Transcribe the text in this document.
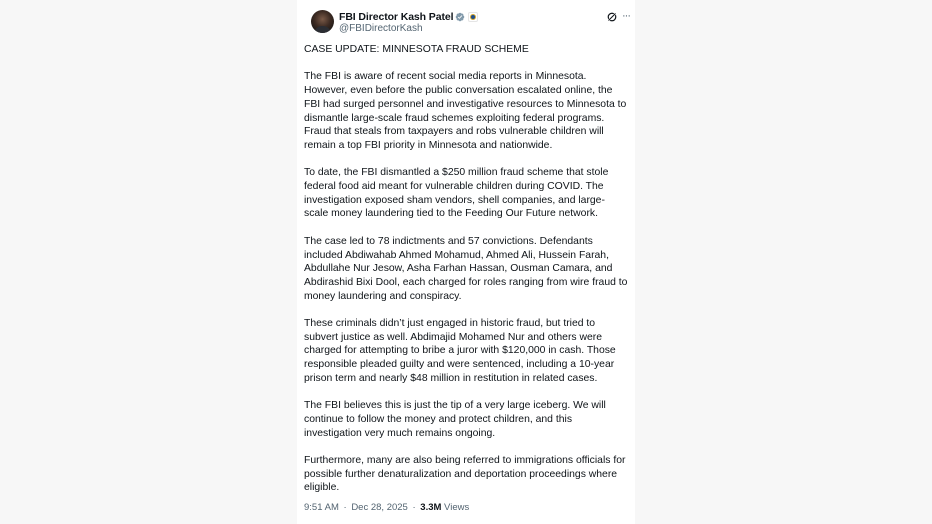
FBI Director Kash Patel
@FBIDirectorKash
···

CASE UPDATE: MINNESOTA FRAUD SCHEME

The FBI is aware of recent social media reports in Minnesota. However, even before the public conversation escalated online, the FBI had surged personnel and investigative resources to Minnesota to dismantle large-scale fraud schemes exploiting federal programs. Fraud that steals from taxpayers and robs vulnerable children will remain a top FBI priority in Minnesota and nationwide.

To date, the FBI dismantled a $250 million fraud scheme that stole federal food aid meant for vulnerable children during COVID. The investigation exposed sham vendors, shell companies, and large-scale money laundering tied to the Feeding Our Future network.

The case led to 78 indictments and 57 convictions. Defendants included Abdiwahab Ahmed Mohamud, Ahmed Ali, Hussein Farah, Abdullahe Nur Jesow, Asha Farhan Hassan, Ousman Camara, and Abdirashid Bixi Dool, each charged for roles ranging from wire fraud to money laundering and conspiracy.

These criminals didn’t just engaged in historic fraud, but tried to subvert justice as well. Abdimajid Mohamed Nur and others were charged for attempting to bribe a juror with $120,000 in cash. Those responsible pleaded guilty and were sentenced, including a 10-year prison term and nearly $48 million in restitution in related cases.

The FBI believes this is just the tip of a very large iceberg. We will continue to follow the money and protect children, and this investigation very much remains ongoing.

Furthermore, many are also being referred to immigrations officials for possible further denaturalization and deportation proceedings where eligible.

9:51 AM · Dec 28, 2025 · 3.3M Views
